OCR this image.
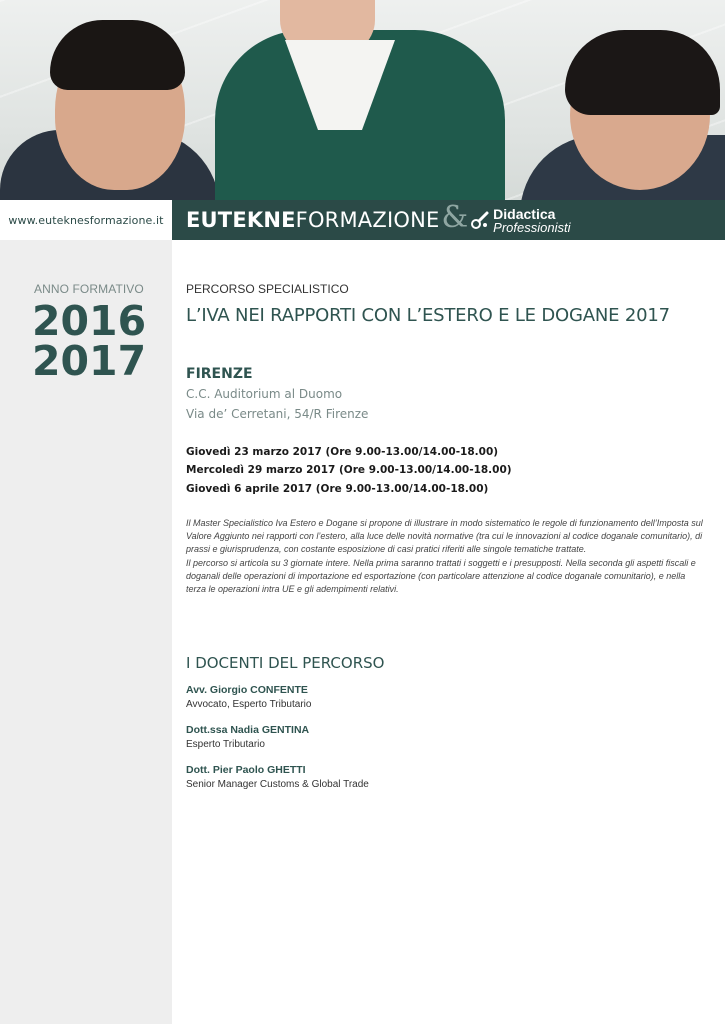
www.euteknesformazione.it EUTEKNE FORMAZIONE & Didactica
Professionisti
ANNO FORMATIVO
2016
2017
PERCORSO SPECIALISTICO
L’IVA NEI RAPPORTI CON L’ESTERO E LE DOGANE 2017
FIRENZE
C.C. Auditorium al Duomo
Via de’ Cerretani, 54/R Firenze
Giovedì 23 marzo 2017 (Ore 9.00-13.00/14.00-18.00)
Mercoledì 29 marzo 2017 (Ore 9.00-13.00/14.00-18.00)
Giovedì 6 aprile 2017 (Ore 9.00-13.00/14.00-18.00)

Il Master Specialistico Iva Estero e Dogane si propone di illustrare in modo sistematico le regole di funzionamento dell’Imposta sul Valore Aggiunto nei rapporti con l’estero, alla luce delle novità normative (tra cui le innovazioni al codice doganale comunitario), di prassi e giurisprudenza, con costante esposizione di casi pratici riferiti alle singole tematiche trattate.

Il percorso si articola su 3 giornate intere. Nella prima saranno trattati i soggetti e i presupposti. Nella seconda gli aspetti fiscali e doganali delle operazioni di importazione ed esportazione (con particolare attenzione al codice doganale comunitario), e nella terza le operazioni intra UE e gli adempimenti relativi.

I DOCENTI DEL PERCORSO
Avv. Giorgio CONFENTE
Avvocato, Esperto Tributario
Dott.ssa Nadia GENTINA
Esperto Tributario
Dott. Pier Paolo GHETTI
Senior Manager Customs & Global Trade
